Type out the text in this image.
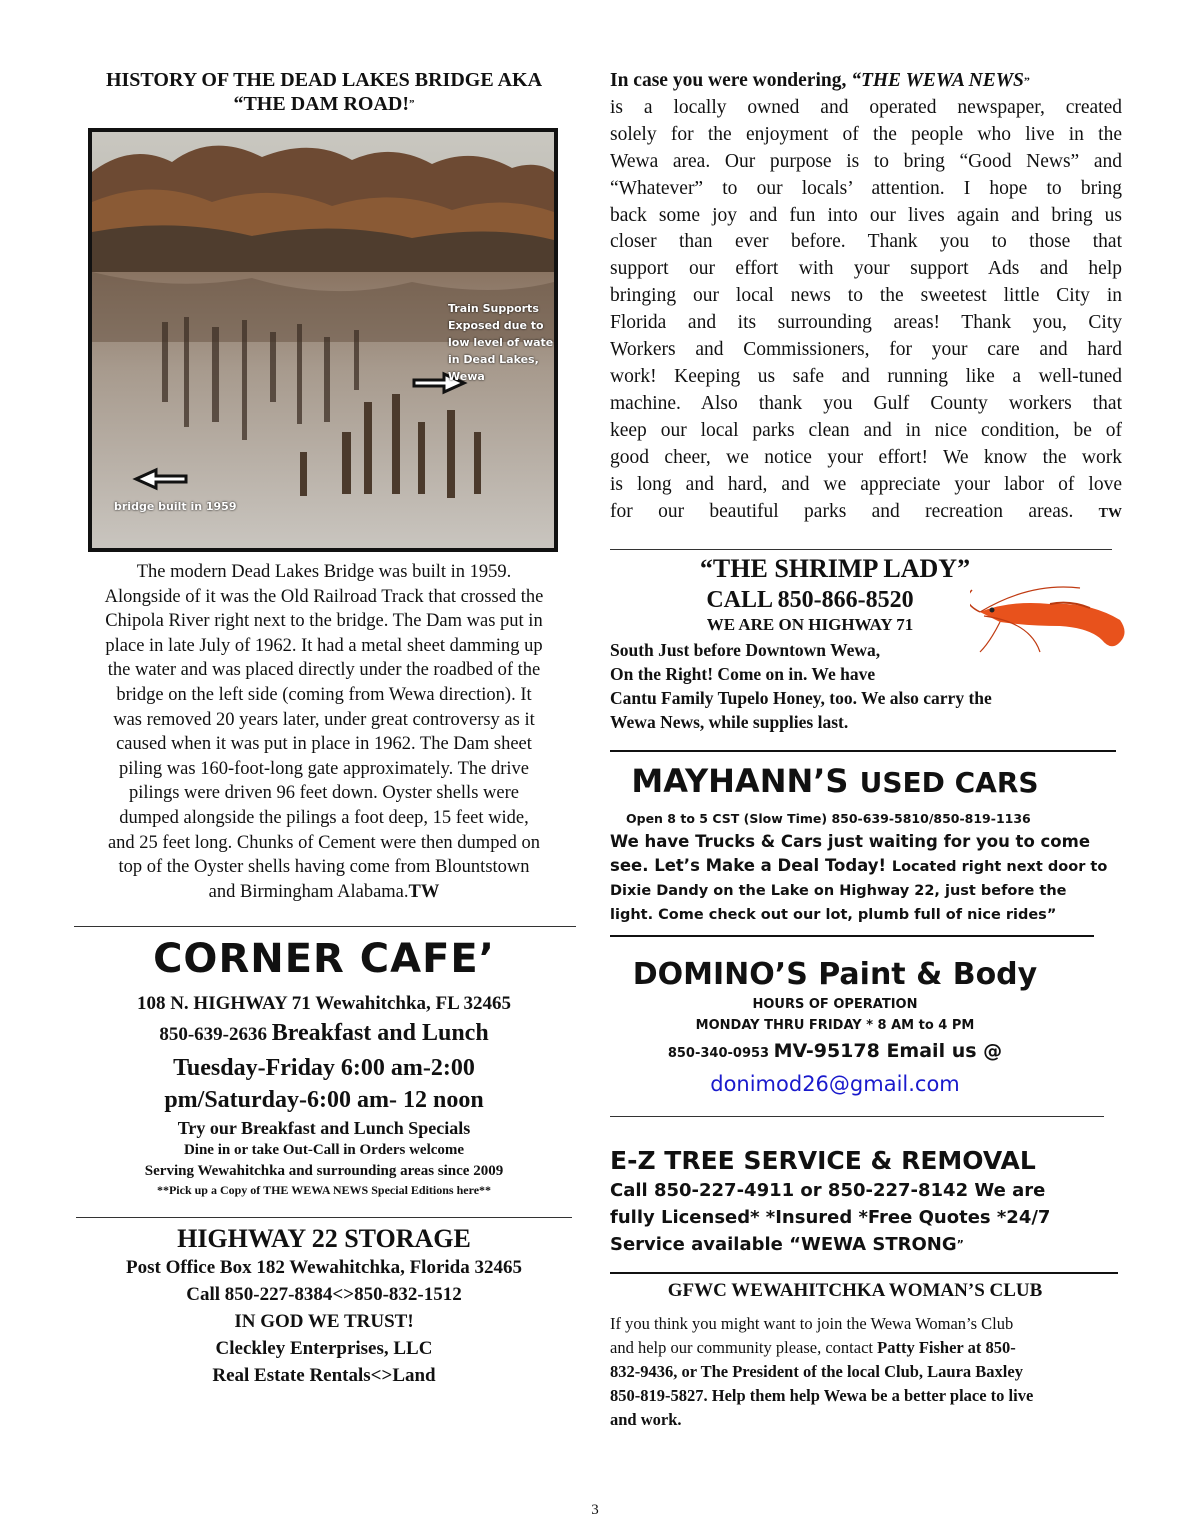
HISTORY OF THE DEAD LAKES BRIDGE AKA
“THE DAM ROAD!”
Train Supports
Exposed due to
low level of wate
in Dead Lakes,
Wewa
bridge built in 1959
The modern Dead Lakes Bridge was built in 1959.
Alongside of it was the Old Railroad Track that crossed the
Chipola River right next to the bridge. The Dam was put in
place in late July of 1962. It had a metal sheet damming up
the water and was placed directly under the roadbed of the
bridge on the left side (coming from Wewa direction). It
was removed 20 years later, under great controversy as it
caused when it was put in place in 1962. The Dam sheet
piling was 160-foot-long gate approximately. The drive
pilings were driven 96 feet down. Oyster shells were
dumped alongside the pilings a foot deep, 15 feet wide,
and 25 feet long. Chunks of Cement were then dumped on
top of the Oyster shells having come from Blountstown
and Birmingham Alabama.TW
CORNER CAFE’
108 N. HIGHWAY 71 Wewahitchka, FL 32465
850-639-2636 Breakfast and Lunch
Tuesday-Friday 6:00 am-2:00
pm/Saturday-6:00 am- 12 noon
Try our Breakfast and Lunch Specials
Dine in or take Out-Call in Orders welcome
Serving Wewahitchka and surrounding areas since 2009
**Pick up a Copy of THE WEWA NEWS Special Editions here**
HIGHWAY 22 STORAGE
Post Office Box 182 Wewahitchka, Florida 32465
Call 850-227-8384<>850-832-1512
IN GOD WE TRUST!
Cleckley Enterprises, LLC
Real Estate Rentals<>Land
In case you were wondering, “THE WEWA NEWS”
is a locally owned and operated newspaper, created
solely for the enjoyment of the people who live in the
Wewa area. Our purpose is to bring “Good News” and
“Whatever” to our locals’ attention. I hope to bring
back some joy and fun into our lives again and bring us
closer than ever before. Thank you to those that
support our effort with your support Ads and help
bringing our local news to the sweetest little City in
Florida and its surrounding areas! Thank you, City
Workers and Commissioners, for your care and hard
work! Keeping us safe and running like a well-tuned
machine. Also thank you Gulf County workers that
keep our local parks clean and in nice condition, be of
good cheer, we notice your effort! We know the work
is long and hard, and we appreciate your labor of love
for our beautiful parks and recreation areas. TW
“THE SHRIMP LADY”
CALL 850-866-8520
WE ARE ON HIGHWAY 71
South Just before Downtown Wewa,
On the Right! Come on in. We have
Cantu Family Tupelo Honey, too. We also carry the
Wewa News, while supplies last.
MAYHANN’S USED CARS
Open 8 to 5 CST (Slow Time) 850-639-5810/850-819-1136
We have Trucks & Cars just waiting for you to come
see. Let’s Make a Deal Today! Located right next door to
Dixie Dandy on the Lake on Highway 22, just before the
light. Come check out our lot, plumb full of nice rides”
DOMINO’S Paint & Body
HOURS OF OPERATION
MONDAY THRU FRIDAY * 8 AM to 4 PM
850-340-0953 MV-95178 Email us @
donimod26@gmail.com
E-Z TREE SERVICE & REMOVAL
Call 850-227-4911 or 850-227-8142 We are
fully Licensed* *Insured *Free Quotes *24/7
Service available “WEWA STRONG”
GFWC WEWAHITCHKA WOMAN’S CLUB
If you think you might want to join the Wewa Woman’s Club
and help our community please, contact Patty Fisher at 850-
832-9436, or The President of the local Club, Laura Baxley
850-819-5827. Help them help Wewa be a better place to live
and work.
3
